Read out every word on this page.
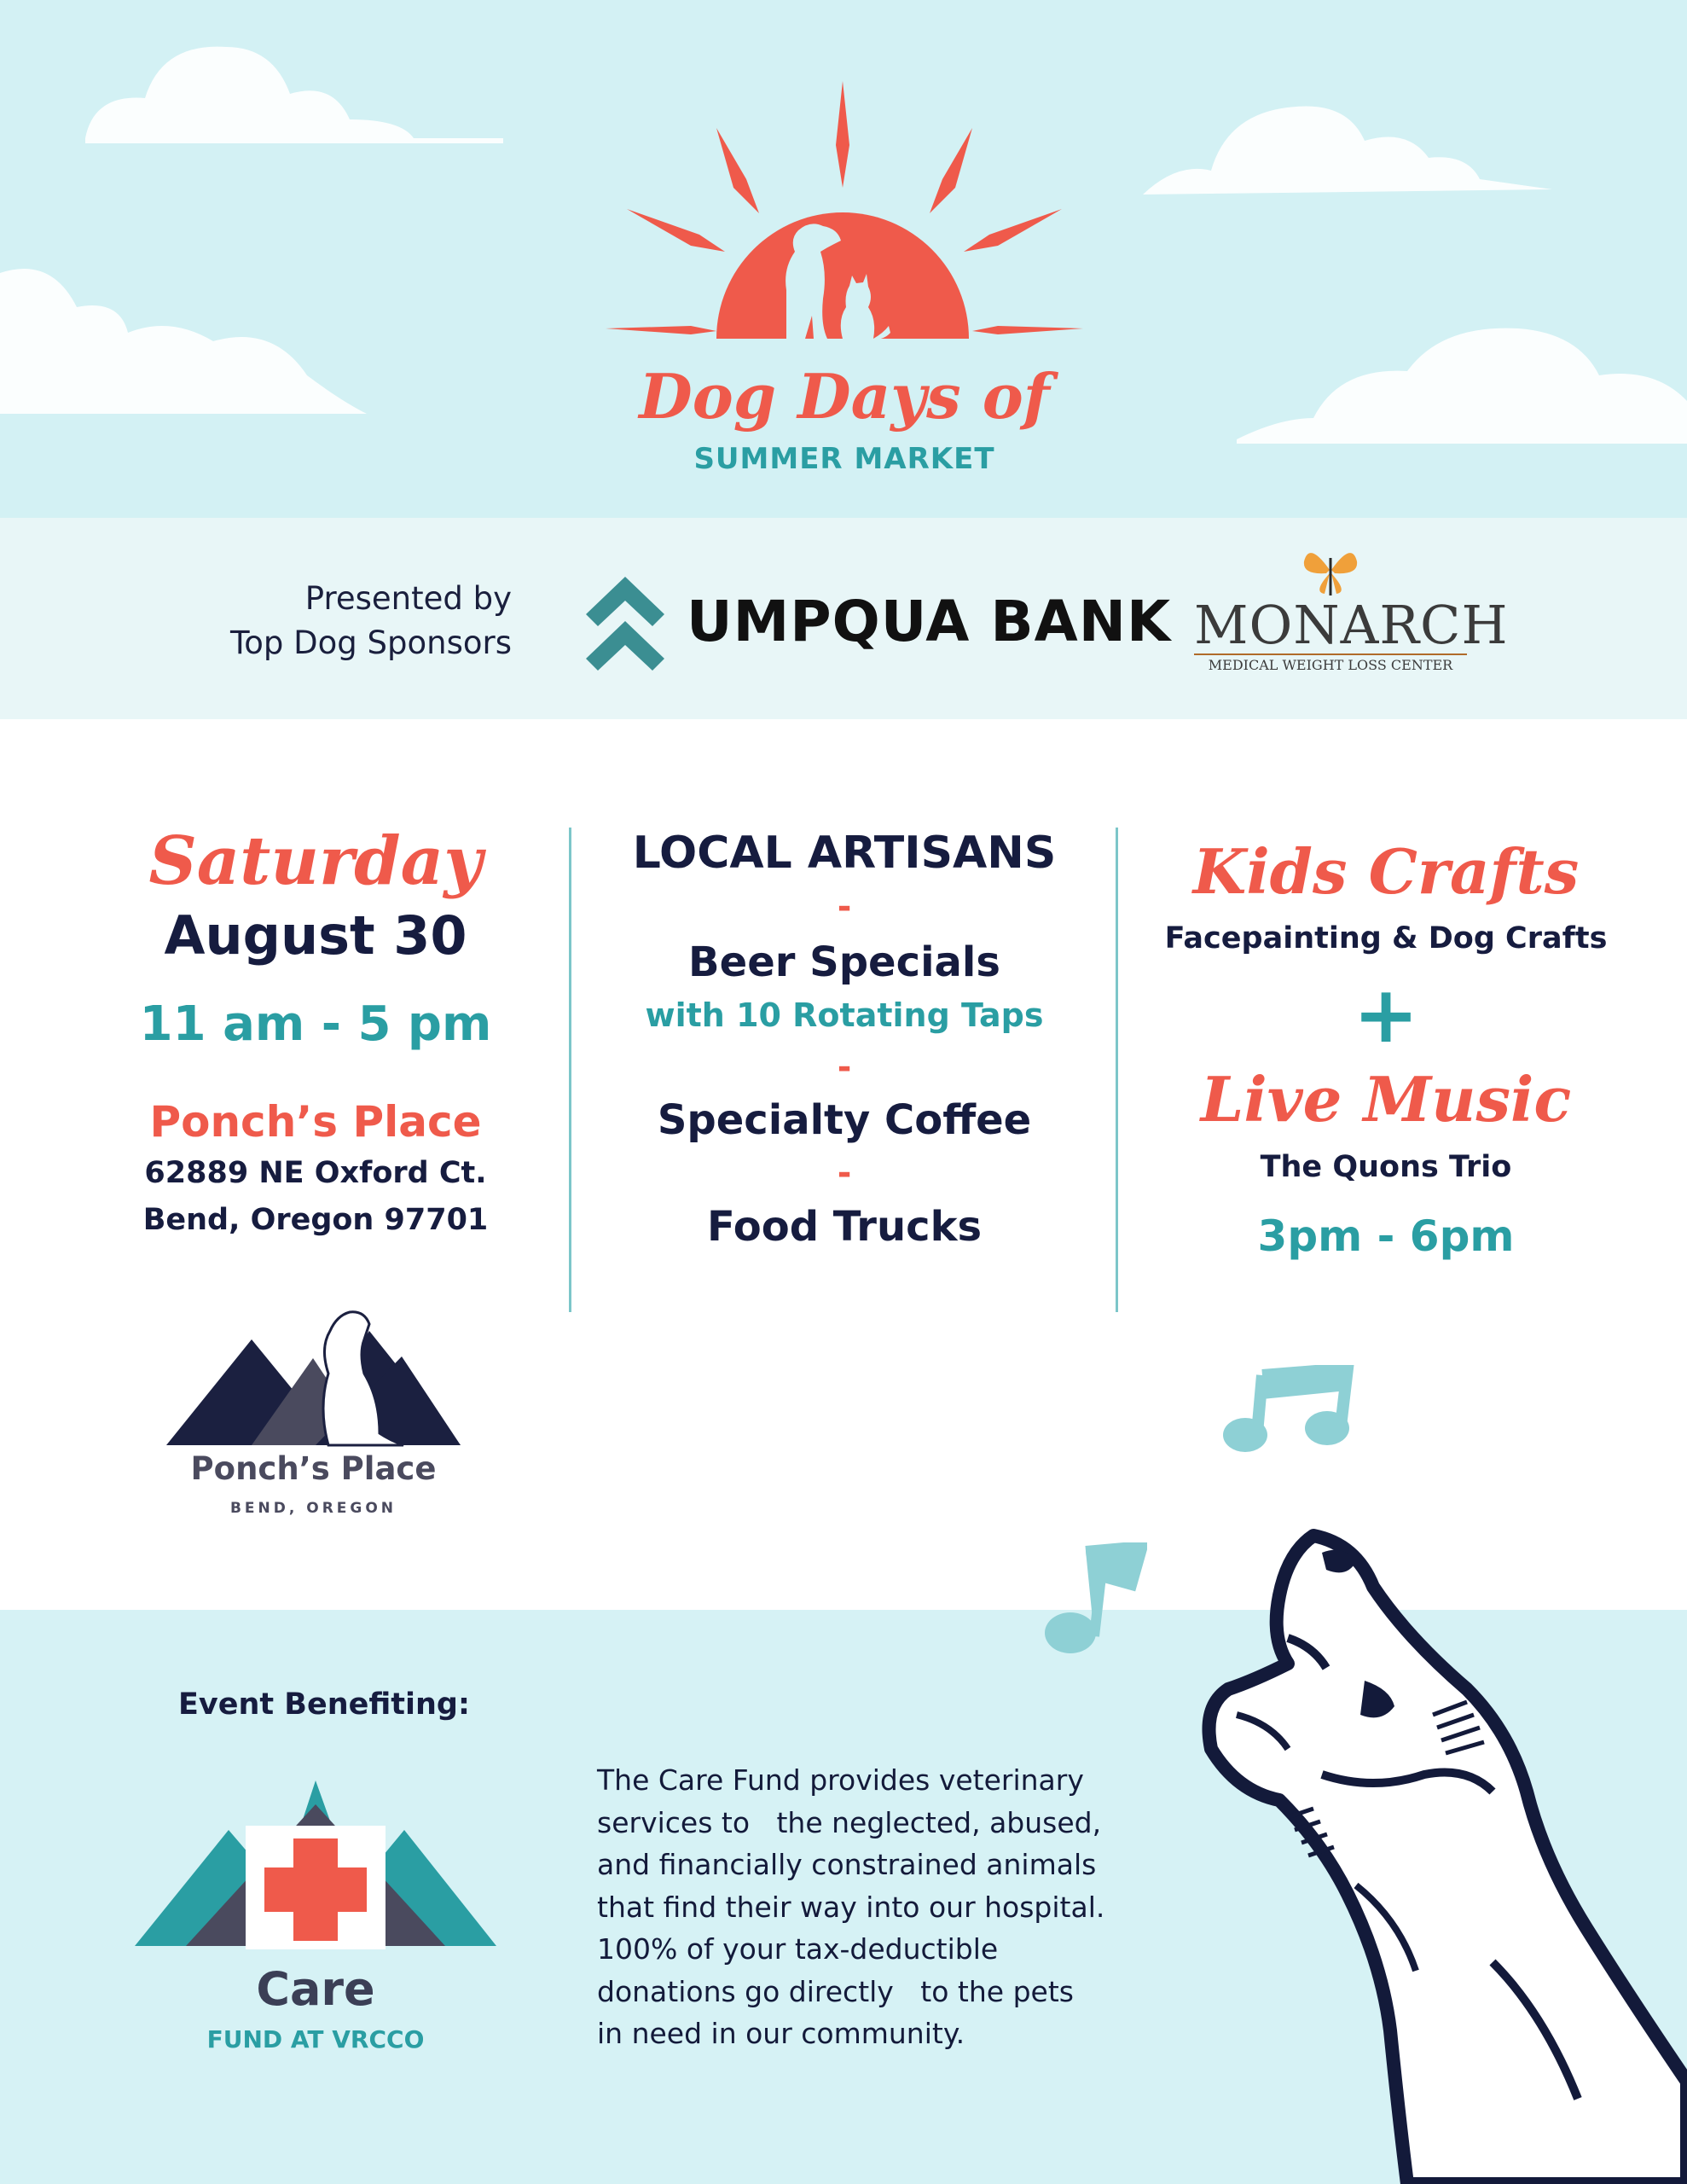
Dog Days of
SUMMER MARKET
Presented by
Top Dog Sponsors	UMPQUA BANK MONARCH
MEDICAL WEIGHT LOSS CENTER
Saturday
August 30
11 am - 5 pm
Ponch’s Place
62889 NE Oxford Ct.
Bend, Oregon 97701
LOCAL ARTISANS
-
Beer Specials
with 10 Rotating Taps
-
Specialty Coffee
-
Food Trucks
Kids Crafts
Facepainting & Dog Crafts
+
Live Music
The Quons Trio
3pm - 6pm
Ponch’s Place
BEND, OREGON
Event Benefiting:
Care
FUND AT VRCCO
The Care Fund provides veterinary
services to   the neglected, abused,
and financially constrained animals
that find their way into our hospital.
100% of your tax-deductible
donations go directly   to the pets
in need in our community.
